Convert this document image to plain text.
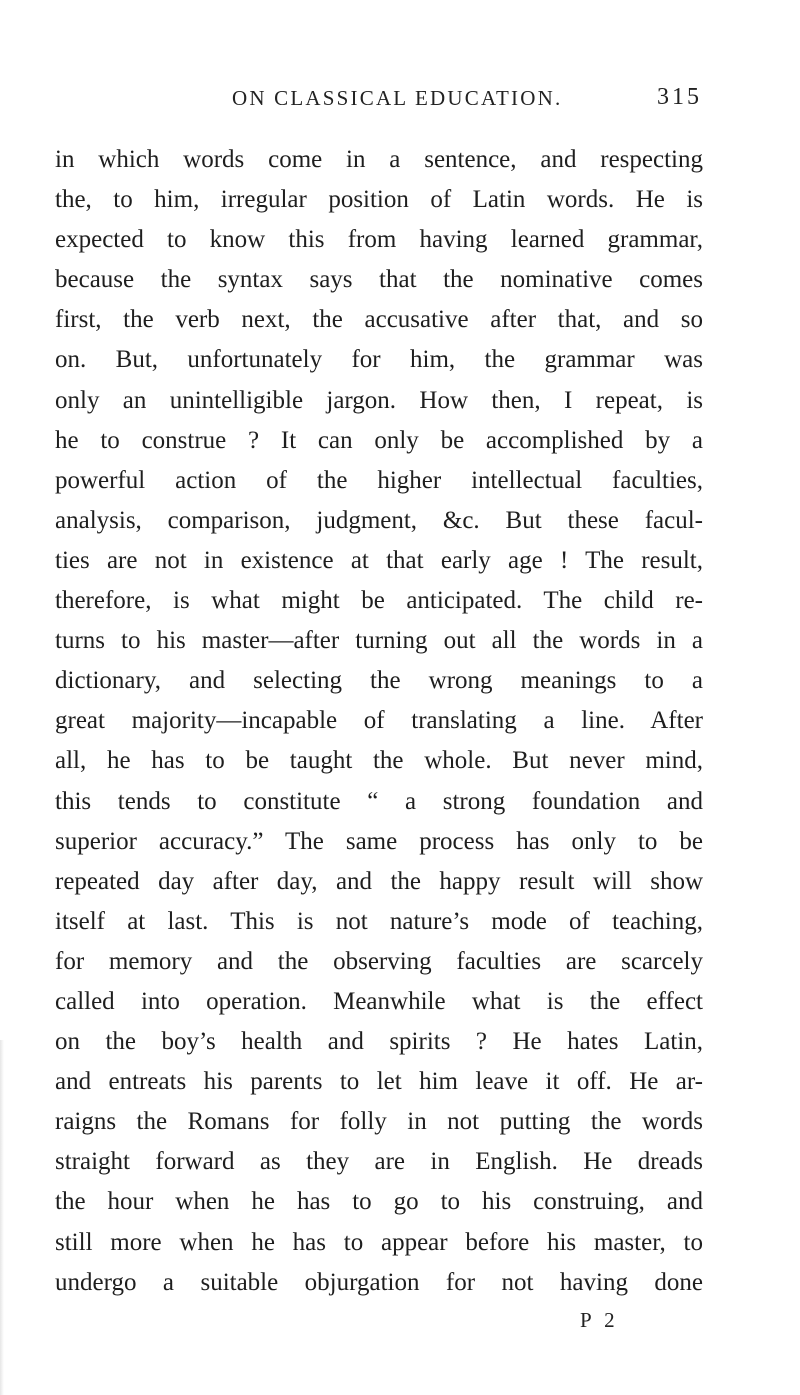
ON CLASSICAL EDUCATION.	315
in which words come in a sentence, and respecting
the, to him, irregular position of Latin words. He is
expected to know this from having learned grammar,
because the syntax says that the nominative comes
first, the verb next, the accusative after that, and so
on. But, unfortunately for him, the grammar was
only an unintelligible jargon. How then, I repeat, is
he to construe ? It can only be accomplished by a
powerful action of the higher intellectual faculties,
analysis, comparison, judgment, &c. But these facul-
ties are not in existence at that early age ! The result,
therefore, is what might be anticipated. The child re-
turns to his master—after turning out all the words in a
dictionary, and selecting the wrong meanings to a
great majority—incapable of translating a line. After
all, he has to be taught the whole. But never mind,
this tends to constitute “ a strong foundation and
superior accuracy.” The same process has only to be
repeated day after day, and the happy result will show
itself at last. This is not nature’s mode of teaching,
for memory and the observing faculties are scarcely
called into operation. Meanwhile what is the effect
on the boy’s health and spirits ? He hates Latin,
and entreats his parents to let him leave it off. He ar-
raigns the Romans for folly in not putting the words
straight forward as they are in English. He dreads
the hour when he has to go to his construing, and
still more when he has to appear before his master, to
undergo a suitable objurgation for not having done
P 2
